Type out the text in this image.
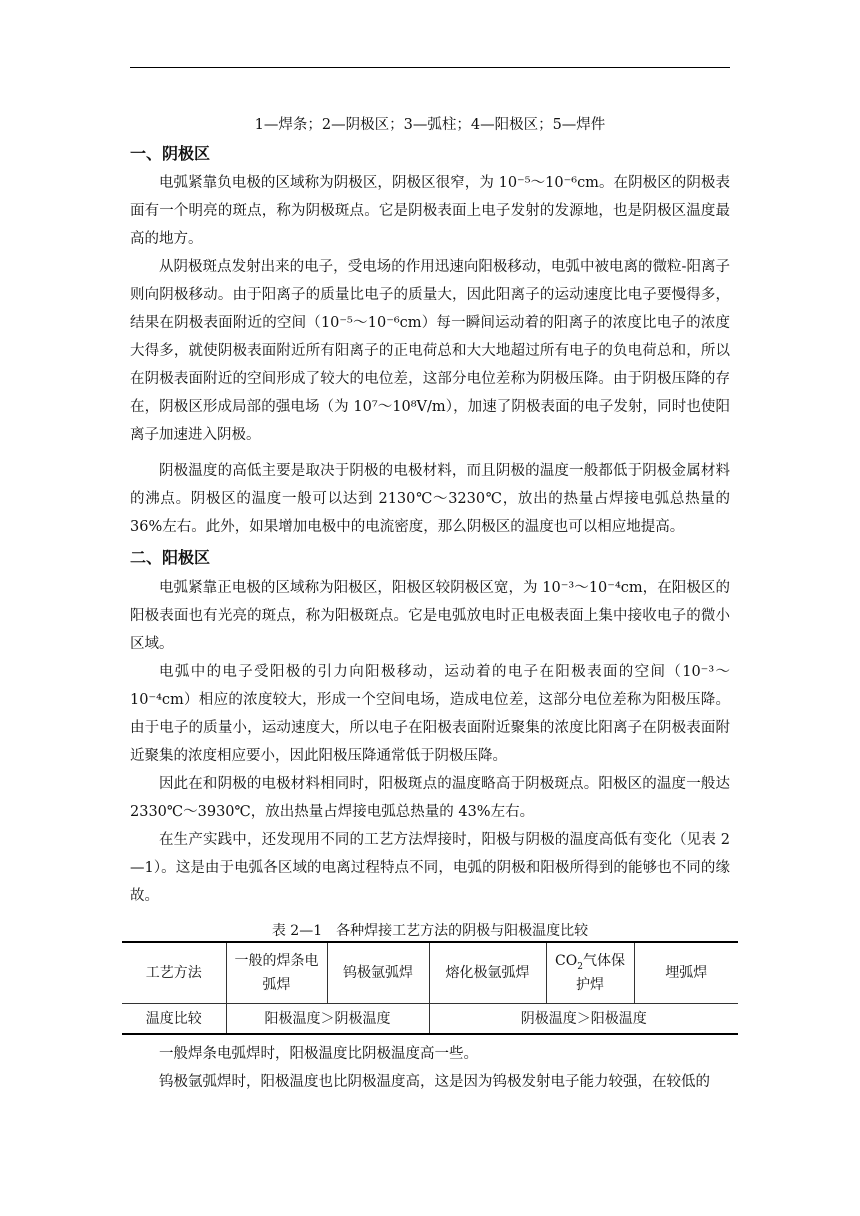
1—焊条；2—阴极区；3—弧柱；4—阳极区；5—焊件
一、阴极区

电弧紧靠负电极的区域称为阴极区，阴极区很窄，为 10⁻⁵～10⁻⁶cm。在阴极区的阴极表面有一个明亮的斑点，称为阴极斑点。它是阴极表面上电子发射的发源地，也是阴极区温度最高的地方。

从阴极斑点发射出来的电子，受电场的作用迅速向阳极移动，电弧中被电离的微粒-阳离子则向阴极移动。由于阳离子的质量比电子的质量大，因此阳离子的运动速度比电子要慢得多，结果在阴极表面附近的空间（10⁻⁵～10⁻⁶cm）每一瞬间运动着的阳离子的浓度比电子的浓度大得多，就使阴极表面附近所有阳离子的正电荷总和大大地超过所有电子的负电荷总和，所以在阴极表面附近的空间形成了较大的电位差，这部分电位差称为阴极压降。由于阴极压降的存在，阴极区形成局部的强电场（为 10⁷～10⁸V/m），加速了阴极表面的电子发射，同时也使阳离子加速进入阴极。

阴极温度的高低主要是取决于阴极的电极材料，而且阴极的温度一般都低于阴极金属材料的沸点。阴极区的温度一般可以达到 2130℃～3230℃，放出的热量占焊接电弧总热量的 36%左右。此外，如果增加电极中的电流密度，那么阴极区的温度也可以相应地提高。

二、阳极区

电弧紧靠正电极的区域称为阳极区，阳极区较阴极区宽，为 10⁻³～10⁻⁴cm，在阳极区的阳极表面也有光亮的斑点，称为阳极斑点。它是电弧放电时正电极表面上集中接收电子的微小区域。

电弧中的电子受阳极的引力向阳极移动，运动着的电子在阳极表面的空间（10⁻³～10⁻⁴cm）相应的浓度较大，形成一个空间电场，造成电位差，这部分电位差称为阳极压降。由于电子的质量小，运动速度大，所以电子在阳极表面附近聚集的浓度比阳离子在阴极表面附近聚集的浓度相应要小，因此阳极压降通常低于阴极压降。

因此在和阴极的电极材料相同时，阳极斑点的温度略高于阴极斑点。阳极区的温度一般达 2330℃～3930℃，放出热量占焊接电弧总热量的 43%左右。

在生产实践中，还发现用不同的工艺方法焊接时，阳极与阴极的温度高低有变化（见表 2—1）。这是由于电弧各区域的电离过程特点不同，电弧的阴极和阳极所得到的能够也不同的缘故。

表 2—1　各种焊接工艺方法的阴极与阳极温度比较
工艺方法	一般的焊条电弧焊	钨极氩弧焊	熔化极氩弧焊	$CO_2$气体保护焊	埋弧焊
温度比较	阳极温度＞阴极温度		阴极温度＞阳极温度		

一般焊条电弧焊时，阳极温度比阴极温度高一些。

钨极氩弧焊时，阳极温度也比阴极温度高，这是因为钨极发射电子能力较强，在较低的
